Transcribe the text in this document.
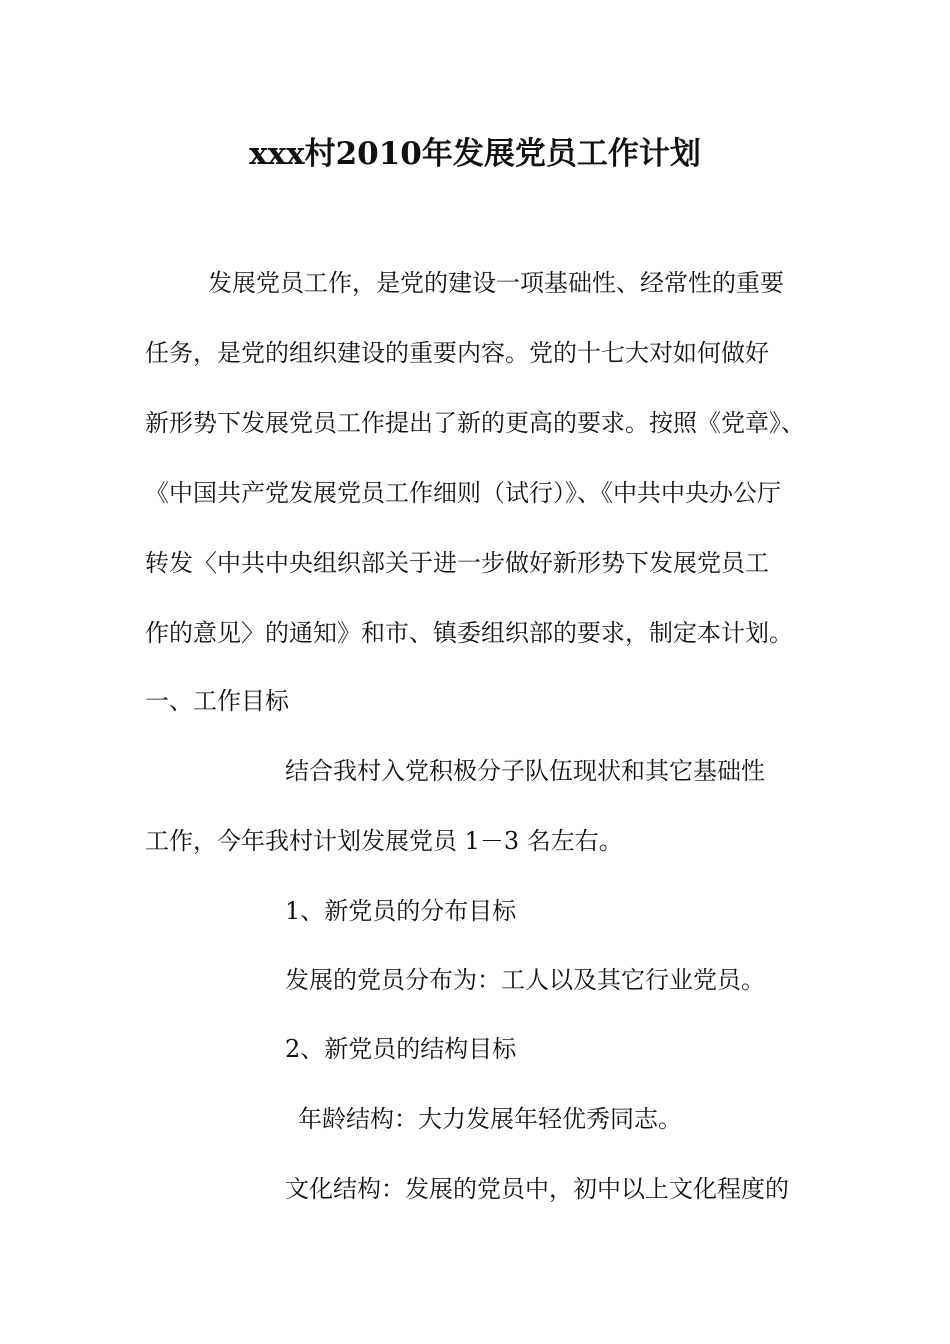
xxx村2010年发展党员工作计划
发展党员工作，是党的建设一项基础性、经常性的重要
任务，是党的组织建设的重要内容。党的十七大对如何做好
新形势下发展党员工作提出了新的更高的要求。按照《党章》、
《中国共产党发展党员工作细则（试行）》、《中共中央办公厅
转发〈中共中央组织部关于进一步做好新形势下发展党员工
作的意见〉的通知》和市、镇委组织部的要求，制定本计划。
一、工作目标
结合我村入党积极分子队伍现状和其它基础性
工作，今年我村计划发展党员 1－3 名左右。
1、新党员的分布目标
发展的党员分布为：工人以及其它行业党员。
2、新党员的结构目标
年龄结构：大力发展年轻优秀同志。
文化结构：发展的党员中，初中以上文化程度的
